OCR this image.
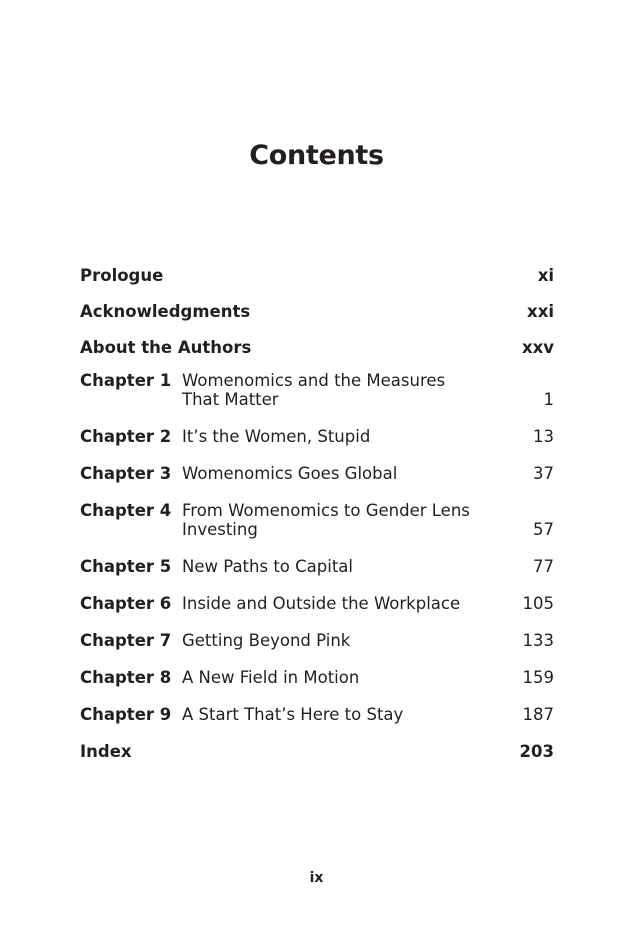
Contents
Prologue	xi
Acknowledgments	xxi
About the Authors	xxv
Chapter 1 Womenomics and the Measures
That Matter	1
Chapter 2 It’s the Women, Stupid	13
Chapter 3 Womenomics Goes Global	37
Chapter 4 From Womenomics to Gender Lens
Investing	57
Chapter 5 New Paths to Capital	77
Chapter 6 Inside and Outside the Workplace	105
Chapter 7 Getting Beyond Pink	133
Chapter 8 A New Field in Motion	159
Chapter 9 A Start That’s Here to Stay	187
Index	203
ix
